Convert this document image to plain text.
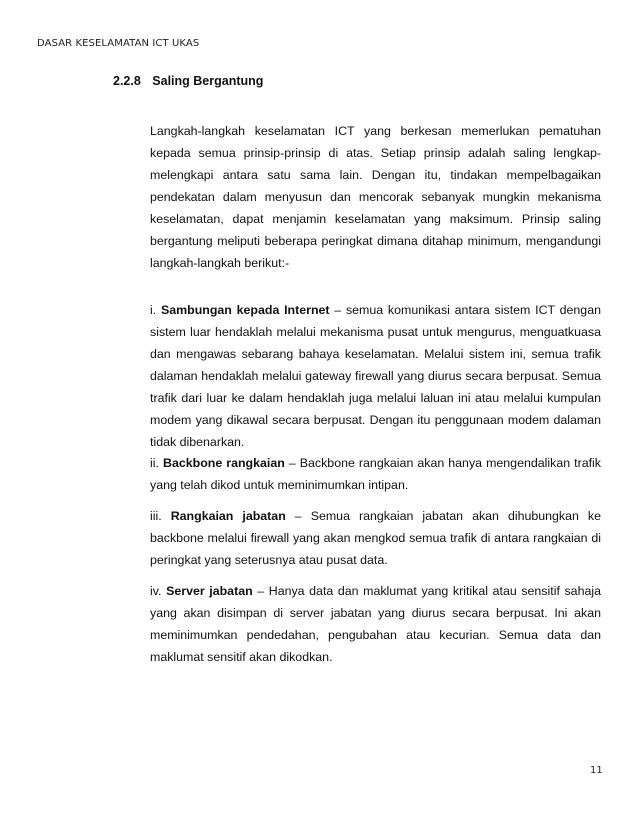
DASAR KESELAMATAN ICT UKAS
2.2.8 Saling Bergantung

Langkah-langkah keselamatan ICT yang berkesan memerlukan pematuhan kepada semua prinsip-prinsip di atas. Setiap prinsip adalah saling lengkap-melengkapi antara satu sama lain. Dengan itu, tindakan mempelbagaikan pendekatan dalam menyusun dan mencorak sebanyak mungkin mekanisma keselamatan, dapat menjamin keselamatan yang maksimum. Prinsip saling bergantung meliputi beberapa peringkat dimana ditahap minimum, mengandungi langkah-langkah berikut:-

i. Sambungan kepada Internet – semua komunikasi antara sistem ICT dengan sistem luar hendaklah melalui mekanisma pusat untuk mengurus, menguatkuasa dan mengawas sebarang bahaya keselamatan. Melalui sistem ini, semua trafik dalaman hendaklah melalui gateway firewall yang diurus secara berpusat. Semua trafik dari luar ke dalam hendaklah juga melalui laluan ini atau melalui kumpulan modem yang dikawal secara berpusat. Dengan itu penggunaan modem dalaman tidak dibenarkan.

ii. Backbone rangkaian – Backbone rangkaian akan hanya mengendalikan trafik yang telah dikod untuk meminimumkan intipan.

iii. Rangkaian jabatan – Semua rangkaian jabatan akan dihubungkan ke backbone melalui firewall yang akan mengkod semua trafik di antara rangkaian di peringkat yang seterusnya atau pusat data.

iv. Server jabatan – Hanya data dan maklumat yang kritikal atau sensitif sahaja yang akan disimpan di server jabatan yang diurus secara berpusat. Ini akan meminimumkan pendedahan, pengubahan atau kecurian. Semua data dan maklumat sensitif akan dikodkan.

11
